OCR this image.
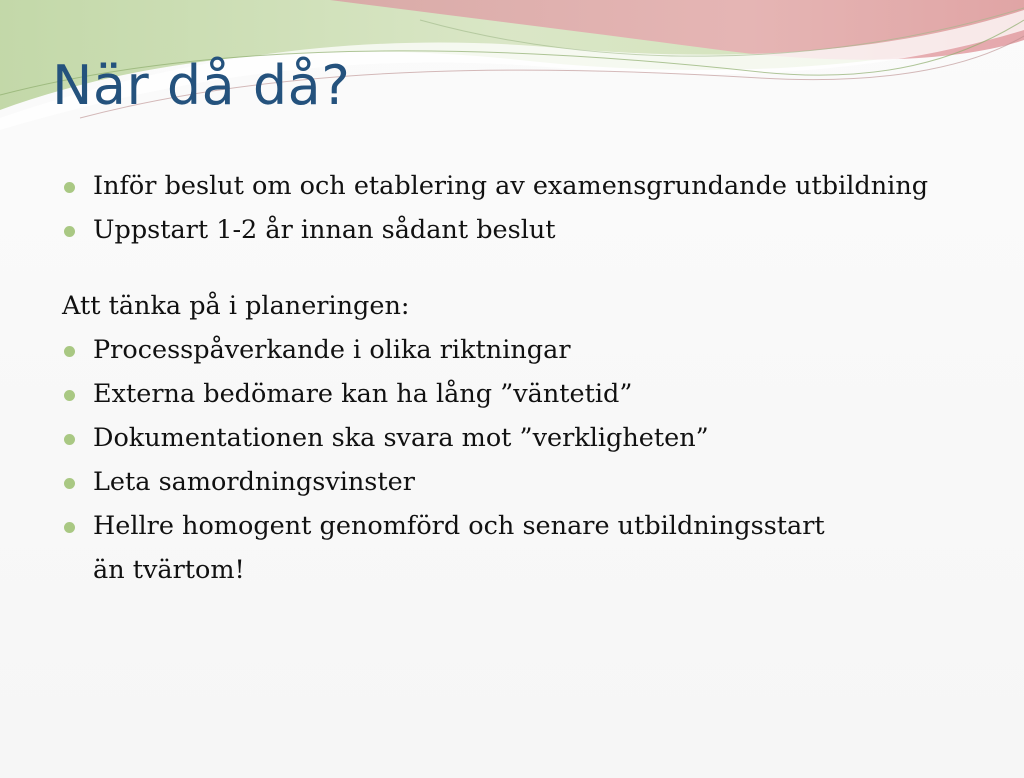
När då då?
Inför beslut om och etablering av examensgrundande utbildning
Uppstart 1-2 år innan sådant beslut
Att tänka på i planeringen:
Processpåverkande i olika riktningar
Externa bedömare kan ha lång ”väntetid”
Dokumentationen ska svara mot ”verkligheten”
Leta samordningsvinster
Hellre homogent genomförd och senare utbildningsstart
än tvärtom!
